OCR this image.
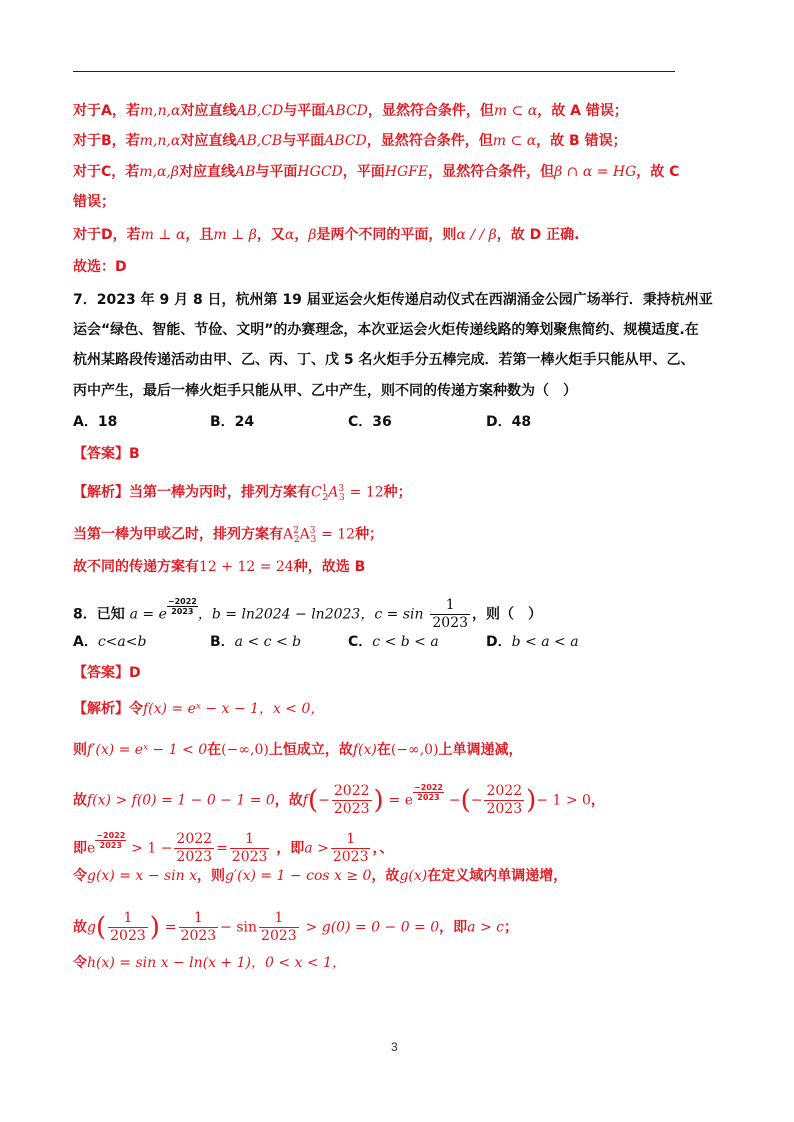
对于A，若m,n,α对应直线AB,CD与平面ABCD，显然符合条件，但m ⊂ α，故 A 错误；
对于B，若m,n,α对应直线AB,CB与平面ABCD，显然符合条件，但m ⊂ α，故 B 错误；
对于C，若m,α,β对应直线AB与平面HGCD，平面HGFE，显然符合条件，但β ∩ α = HG，故 C
错误；
对于D，若m ⊥ α，且m ⊥ β，又α，β是两个不同的平面，则α / / β，故 D 正确.
故选：D
7．2023 年 9 月 8 日，杭州第 19 届亚运会火炬传递启动仪式在西湖涌金公园广场举行．秉持杭州亚
运会“绿色、智能、节俭、文明”的办赛理念，本次亚运会火炬传递线路的筹划聚焦简约、规模适度.在
杭州某路段传递活动由甲、乙、丙、丁、戊 5 名火炬手分五棒完成．若第一棒火炬手只能从甲、乙、
丙中产生，最后一棒火炬手只能从甲、乙中产生，则不同的传递方案种数为（　）
A．18	B．24	C．36	D．48
【答案】B
【解析】当第一棒为丙时，排列方案有$C^1_2A^3_3 = 12$种；
当第一棒为甲或乙时，排列方案有$A^2_2A^3_3 = 12$种；
故不同的传递方案有12 + 12 = 24种，故选 B
8．已知 a = e $\frac{-2022}{2023}$ ，b = ln2024 − ln2023，$c = \sin \frac{1}{2023}$ ，则（　）
A．c<a<b	B．a < c < b	C．c < b < a	D．b < a < a
【答案】D
【解析】令f(x) = eˣ − x − 1，x < 0，
则f′(x) = eˣ − 1 < 0在(−∞,0)上恒成立，故f(x)在(−∞,0)上单调递减，
故f(x) > f(0) = 1 − 0 − 1 = 0，故$f(- \frac{2022}{2023}$ ) = e $\frac{-2022}{2023}$ −(− $\frac{2022}{2023}$ )− 1 > 0，
即e $\frac{-2022}{2023} > 1 - \frac{2022}{2023} = \frac{1}{2023}$ ，即$a > \frac{1}{2023}$ ，、
令g(x) = x − sin x，则g′(x) = 1 − cos x ≥ 0，故g(x)在定义域内单调递增，
故$g( \frac{1}{2023}$ ) = $\frac{1}{2023} - \sin \frac{1}{2023} > g(0) = 0 - 0 = 0$，即a > c；
令h(x) = sin x − ln(x + 1)，0 < x < 1，
3
